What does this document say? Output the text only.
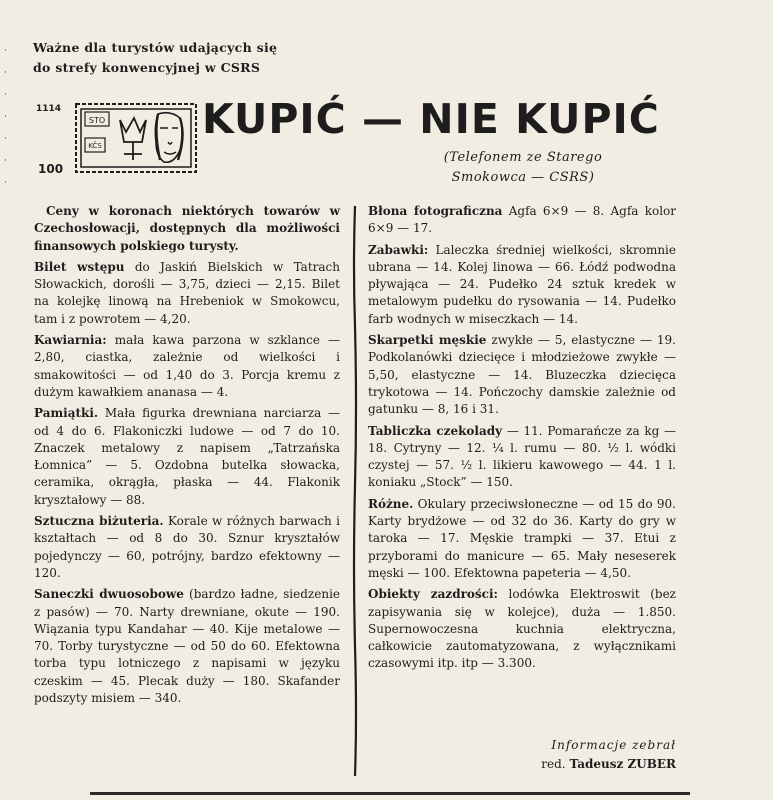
·
·
·
·
·
·
·
Ważne dla turystów udających się
do strefy konwencyjnej w CSRS
1114
100
STO
KČS
KUPIĆ — NIE KUPIĆ
(Telefonem ze Starego
Smokowca — CSRS)

Ceny w koronach niektórych towarów w Czechosłowacji, dostępnych dla możliwości finansowych polskiego turysty.

Bilet wstępu do Jaskiń Bielskich w Tatrach Słowackich, dorośli — 3,75, dzieci — 2,15. Bilet na kolejkę linową na Hrebeniok w Smokowcu, tam i z powrotem — 4,20.

Kawiarnia: mała kawa parzona w szklance — 2,80, ciastka, zależnie od wielkości i smakowitości — od 1,40 do 3. Porcja kremu z dużym kawałkiem ananasa — 4.

Pamiątki. Mała figurka drewniana narciarza — od 4 do 6. Flakoniczki ludowe — od 7 do 10. Znaczek metalowy z napisem „Tatrzańska Łomnica” — 5. Ozdobna butelka słowacka, ceramika, okrągła, płaska — 44. Flakonik kryształowy — 88.

Sztuczna biżuteria. Korale w różnych barwach i kształtach — od 8 do 30. Sznur kryształów pojedynczy — 60, potrójny, bardzo efektowny — 120.

Saneczki dwuosobowe (bardzo ładne, siedzenie z pasów) — 70. Narty drewniane, okute — 190. Wiązania typu Kandahar — 40. Kije metalowe — 70. Torby turystyczne — od 50 do 60. Efektowna torba typu lotniczego z napisami w języku czeskim — 45. Plecak duży — 180. Skafander podszyty misiem — 340.

Błona fotograficzna Agfa 6×9 — 8. Agfa kolor 6×9 — 17.

Zabawki: Laleczka średniej wielkości, skromnie ubrana — 14. Kolej linowa — 66. Łódź podwodna pływająca — 24. Pudełko 24 sztuk kredek w metalowym pudełku do rysowania — 14. Pudełko farb wodnych w miseczkach — 14.

Skarpetki męskie zwykłe — 5, elastyczne — 19. Podkolanówki dziecięce i młodzieżowe zwykłe — 5,50, elastyczne — 14. Bluzeczka dziecięca trykotowa — 14. Pończochy damskie zależnie od gatunku — 8, 16 i 31.

Tabliczka czekolady — 11. Pomarańcze za kg — 18. Cytryny — 12. ¼ l. rumu — 80. ½ l. wódki czystej — 57. ½ l. likieru kawowego — 44. 1 l. koniaku „Stock” — 150.

Różne. Okulary przeciwsłoneczne — od 15 do 90. Karty brydżowe — od 32 do 36. Karty do gry w taroka — 17. Męskie trampki — 37. Etui z przyborami do manicure — 65. Mały neseserek męski — 100. Efektowna papeteria — 4,50.

Obiekty zazdrości: lodówka Elektroswit (bez zapisywania się w kolejce), duża — 1.850. Supernowoczesna kuchnia elektryczna, całkowicie zautomatyzowana, z wyłącznikami czasowymi itp. itp — 3.300.

Informacje zebrał
red. Tadeusz ZUBER
